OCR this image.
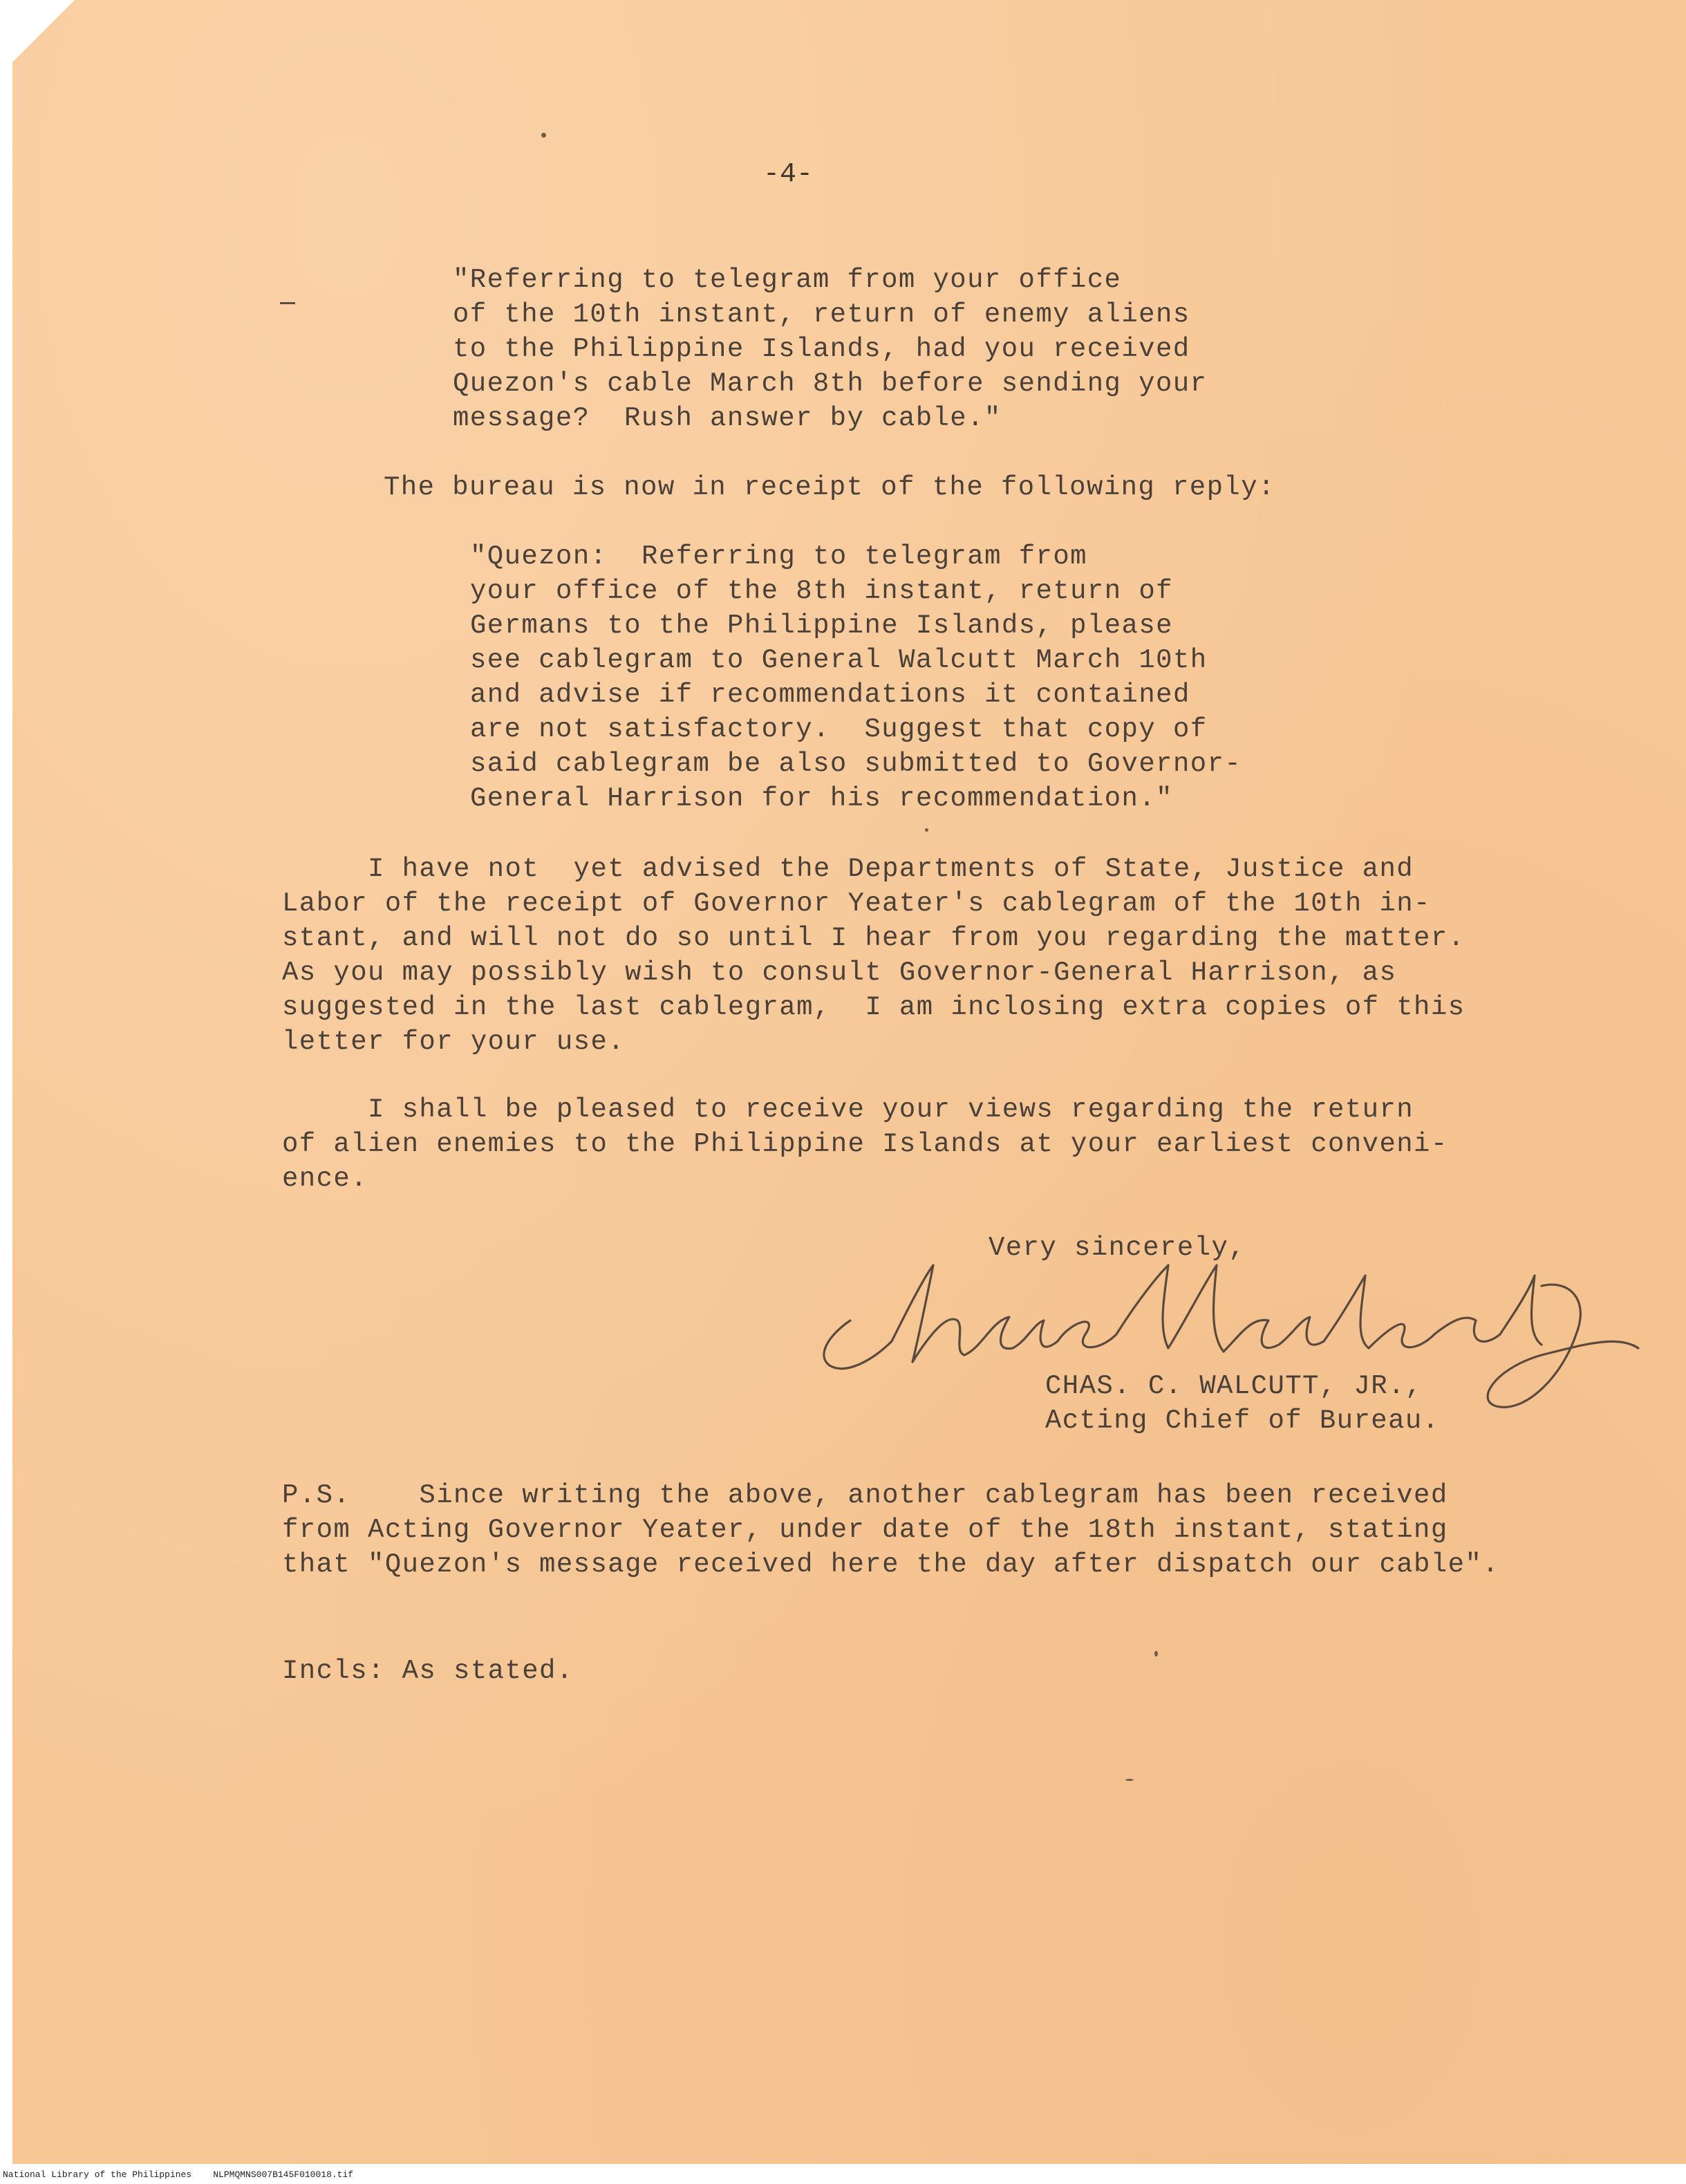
-4-
"Referring to telegram from your office
of the 10th instant, return of enemy aliens
to the Philippine Islands, had you received
Quezon's cable March 8th before sending your
message?  Rush answer by cable."
The bureau is now in receipt of the following reply:
"Quezon:  Referring to telegram from
your office of the 8th instant, return of
Germans to the Philippine Islands, please
see cablegram to General Walcutt March 10th
and advise if recommendations it contained
are not satisfactory.  Suggest that copy of
said cablegram be also submitted to Governor-
General Harrison for his recommendation."
I have not  yet advised the Departments of State, Justice and
Labor of the receipt of Governor Yeater's cablegram of the 10th in-
stant, and will not do so until I hear from you regarding the matter.
As you may possibly wish to consult Governor-General Harrison, as
suggested in the last cablegram,  I am inclosing extra copies of this
letter for your use.
I shall be pleased to receive your views regarding the return
of alien enemies to the Philippine Islands at your earliest conveni-
ence.
Very sincerely,
CHAS. C. WALCUTT, JR.,
Acting Chief of Bureau.
P.S.    Since writing the above, another cablegram has been received
from Acting Governor Yeater, under date of the 18th instant, stating
that "Quezon's message received here the day after dispatch our cable".
Incls: As stated.
National Library of the Philippines    NLPMQMNS007B145F010018.tif
